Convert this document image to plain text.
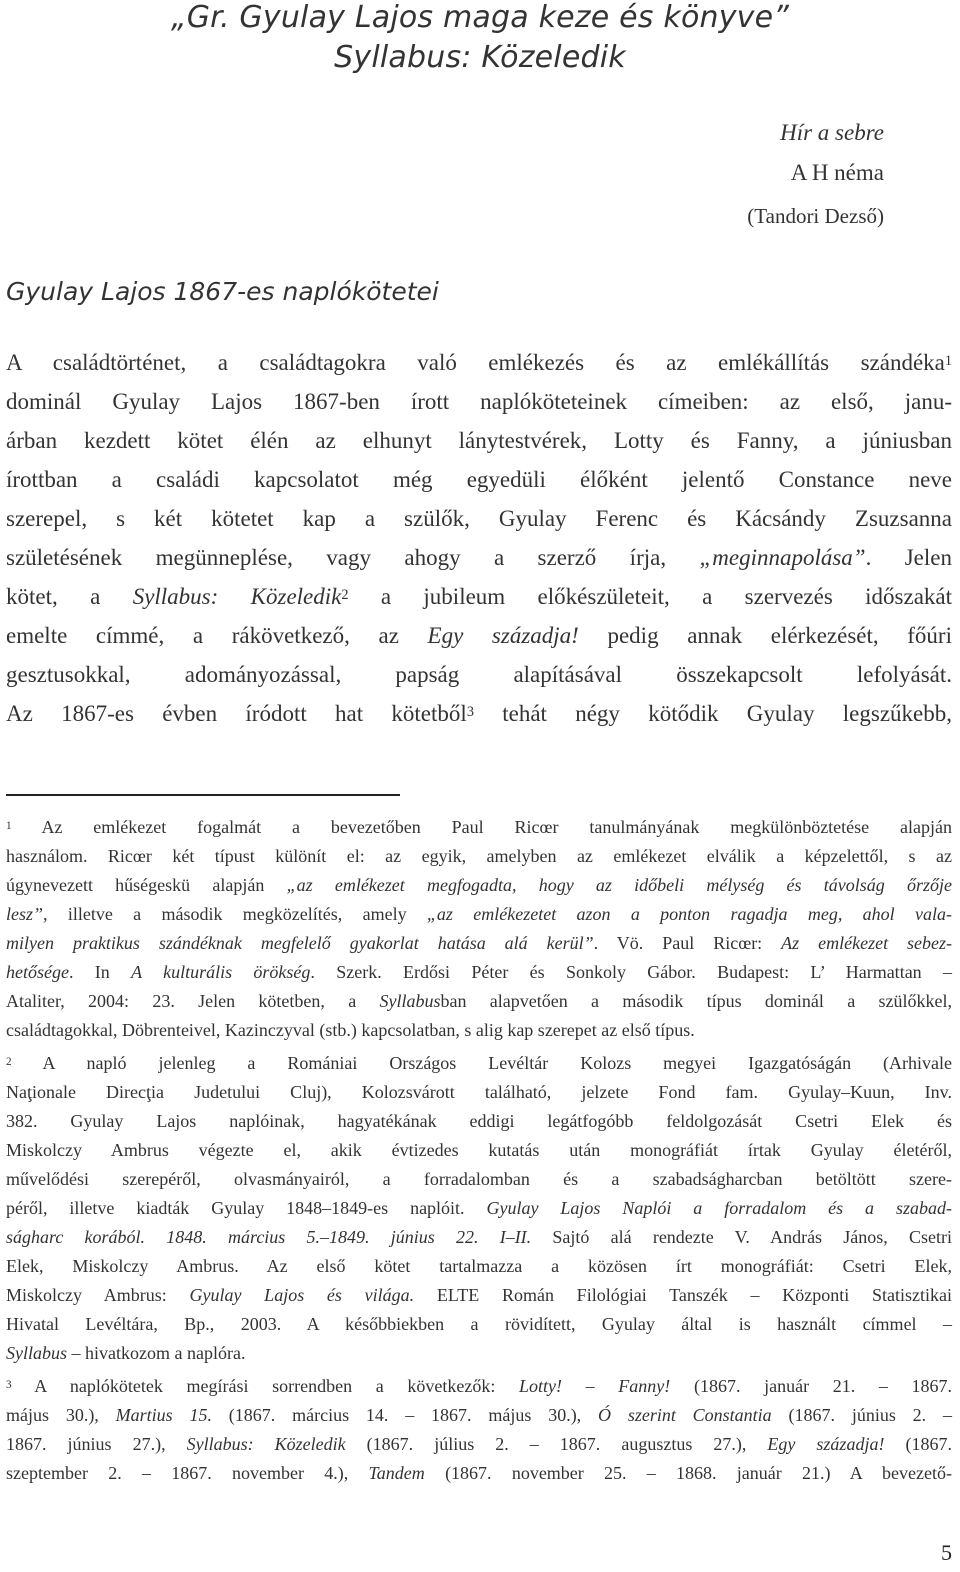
„Gr. Gyulay Lajos maga keze és könyve”
Syllabus: Közeledik
Hír a sebre
A H néma
(Tandori Dezső)
Gyulay Lajos 1867-es naplókötetei
A családtörténet, a családtagokra való emlékezés és az emlékállítás szándéka$^1$
dominál Gyulay Lajos 1867-ben írott naplóköteteinek címeiben: az első, janu-
árban kezdett kötet élén az elhunyt lánytestvérek, Lotty és Fanny, a júniusban
írottban a családi kapcsolatot még egyedüli élőként jelentő Constance neve
szerepel, s két kötetet kap a szülők, Gyulay Ferenc és Kácsándy Zsuzsanna
születésének megünneplése, vagy ahogy a szerző írja, „meginnapolása”. Jelen
kötet, a Syllabus: Közeledik$^2$ a jubileum előkészületeit, a szervezés időszakát
emelte címmé, a rákövetkező, az Egy századja! pedig annak elérkezését, főúri
gesztusokkal, adományozással, papság alapításával összekapcsolt lefolyását.
Az 1867-es évben íródott hat kötetből$^3$ tehát négy kötődik Gyulay legszűkebb,
$^1$ Az emlékezet fogalmát a bevezetőben Paul Ricœr tanulmányának megkülönböztetése alapján
használom. Ricœr két típust különít el: az egyik, amelyben az emlékezet elválik a képzelettől, s az
úgynevezett hűségeskü alapján „az emlékezet megfogadta, hogy az időbeli mélység és távolság őrzője
lesz”, illetve a második megközelítés, amely „az emlékezetet azon a ponton ragadja meg, ahol vala-
milyen praktikus szándéknak megfelelő gyakorlat hatása alá kerül”. Vö. Paul Ricœr: Az emlékezet sebez-
hetősége. In A kulturális örökség. Szerk. Erdősi Péter és Sonkoly Gábor. Budapest: L’ Harmattan –
Ataliter, 2004: 23. Jelen kötetben, a Syllabusban alapvetően a második típus dominál a szülőkkel,
családtagokkal, Döbrenteivel, Kazinczyval (stb.) kapcsolatban, s alig kap szerepet az első típus.
$^2$ A napló jelenleg a Romániai Országos Levéltár Kolozs megyei Igazgatóságán (Arhivale
Naţionale Direcţia Judetului Cluj), Kolozsvárott található, jelzete Fond fam. Gyulay–Kuun, Inv.
382. Gyulay Lajos naplóinak, hagyatékának eddigi legátfogóbb feldolgozását Csetri Elek és
Miskolczy Ambrus végezte el, akik évtizedes kutatás után monográfiát írtak Gyulay életéről,
művelődési szerepéről, olvasmányairól, a forradalomban és a szabadságharcban betöltött szere-
péről, illetve kiadták Gyulay 1848–1849-es naplóit. Gyulay Lajos Naplói a forradalom és a szabad-
ságharc korából. 1848. március 5.–1849. június 22. I–II. Sajtó alá rendezte V. András János, Csetri
Elek, Miskolczy Ambrus. Az első kötet tartalmazza a közösen írt monográfiát: Csetri Elek,
Miskolczy Ambrus: Gyulay Lajos és világa. ELTE Román Filológiai Tanszék – Központi Statisztikai
Hivatal Levéltára, Bp., 2003. A későbbiekben a rövidített, Gyulay által is használt címmel –
Syllabus – hivatkozom a naplóra.
$^3$ A naplókötetek megírási sorrendben a következők: Lotty! – Fanny! (1867. január 21. – 1867.
május 30.), Martius 15. (1867. március 14. – 1867. május 30.), Ó szerint Constantia (1867. június 2. –
1867. június 27.), Syllabus: Közeledik (1867. július 2. – 1867. augusztus 27.), Egy századja! (1867.
szeptember 2. – 1867. november 4.), Tandem (1867. november 25. – 1868. január 21.) A bevezető-
5
